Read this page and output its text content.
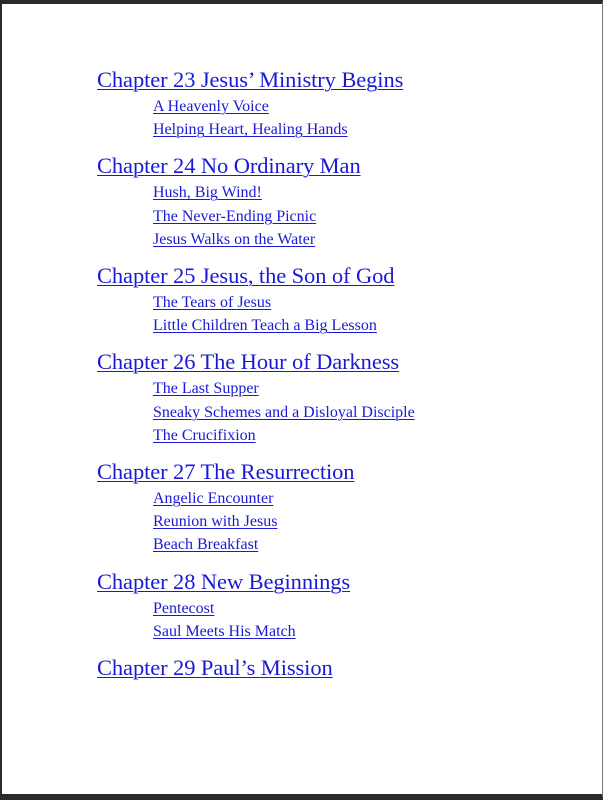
Chapter 23 Jesus’ Ministry Begins
A Heavenly Voice
Helping Heart, Healing Hands
Chapter 24 No Ordinary Man
Hush, Big Wind!
The Never-Ending Picnic
Jesus Walks on the Water
Chapter 25 Jesus, the Son of God
The Tears of Jesus
Little Children Teach a Big Lesson
Chapter 26 The Hour of Darkness
The Last Supper
Sneaky Schemes and a Disloyal Disciple
The Crucifixion
Chapter 27 The Resurrection
Angelic Encounter
Reunion with Jesus
Beach Breakfast
Chapter 28 New Beginnings
Pentecost
Saul Meets His Match
Chapter 29 Paul’s Mission
